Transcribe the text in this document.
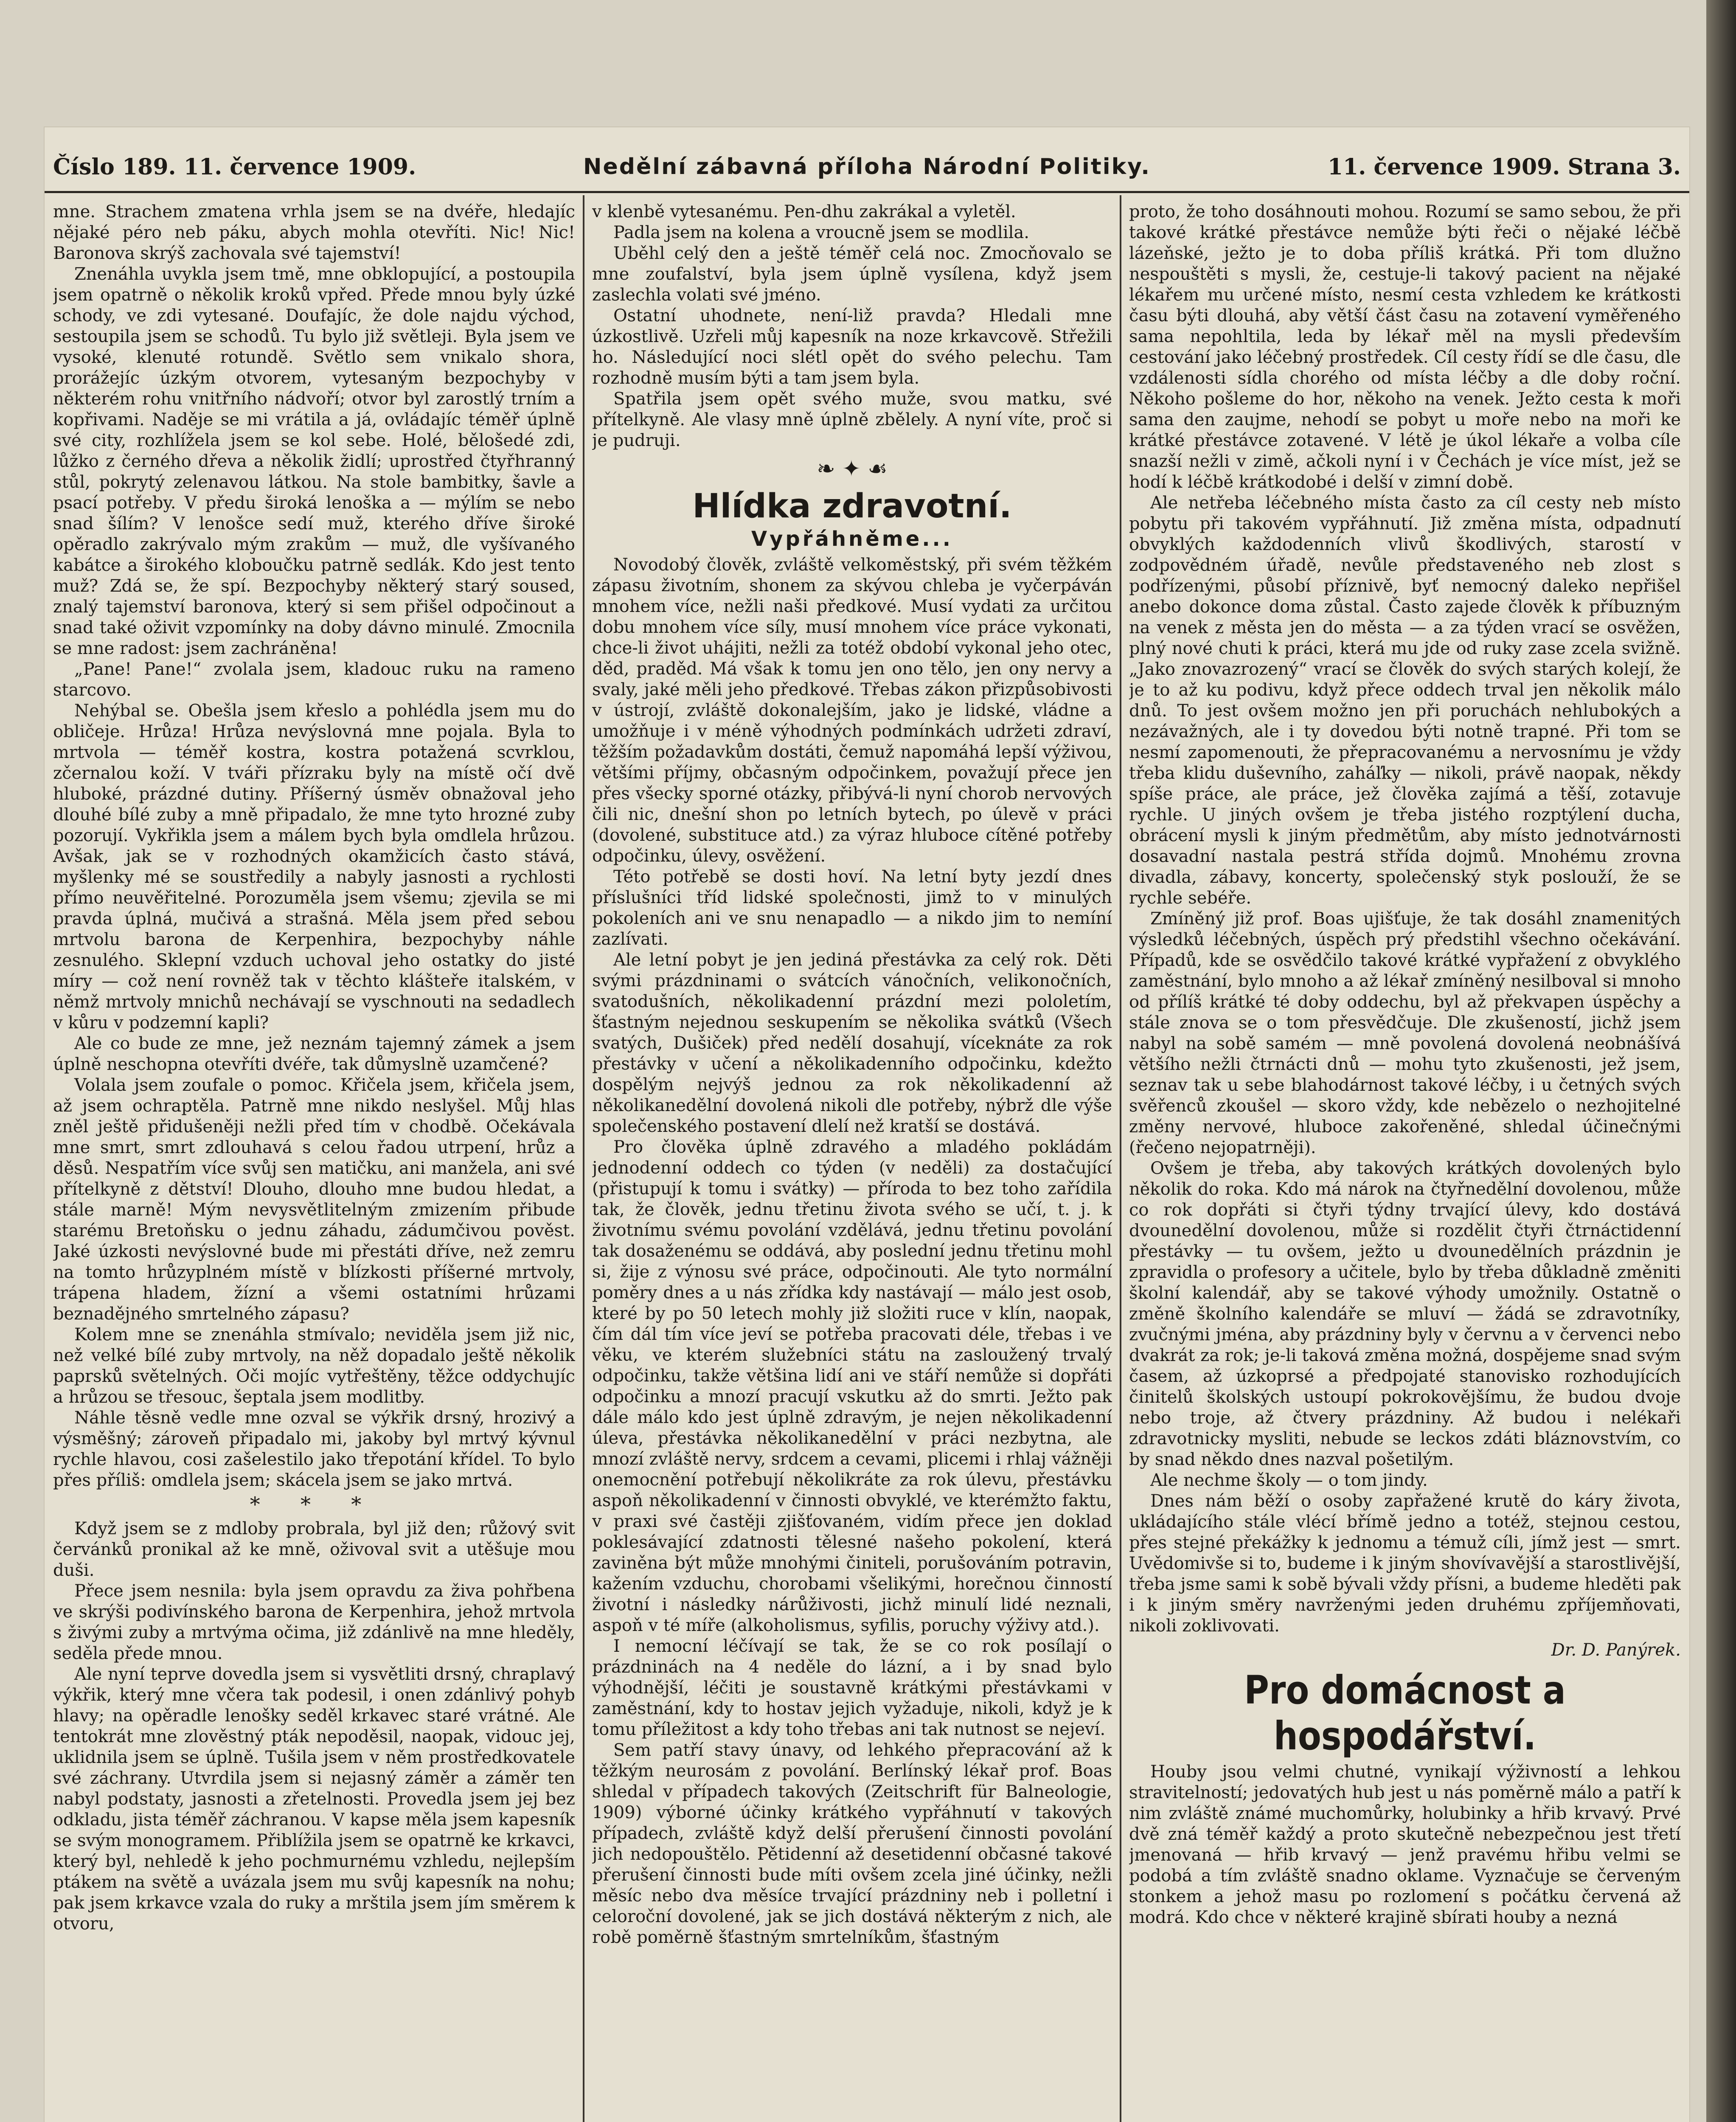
Číslo 189. 11. července 1909.	Nedělní zábavná příloha Národní Politiky.	11. července 1909. Strana 3.

mne. Strachem zmatena vrhla jsem se na dvéře, hledajíc nějaké péro neb páku, abych mohla otevříti. Nic! Nic! Baronova skrýš zachovala své tajemství!

Znenáhla uvykla jsem tmě, mne obklopující, a postoupila jsem opatrně o několik kroků vpřed. Přede mnou byly úzké schody, ve zdi vytesané. Doufajíc, že dole najdu východ, sestoupila jsem se schodů. Tu bylo již světleji. Byla jsem ve vysoké, klenuté rotundě. Světlo sem vnikalo shora, prorážejíc úzkým otvorem, vytesaným bezpochyby v některém rohu vnitřního nádvoří; otvor byl zarostlý trním a kopřivami. Naděje se mi vrátila a já, ovládajíc téměř úplně své city, rozhlížela jsem se kol sebe. Holé, bělošedé zdi, lůžko z černého dřeva a několik židlí; uprostřed čtyřhranný stůl, pokrytý zelenavou látkou. Na stole bambitky, šavle a psací potřeby. V předu široká lenoška a — mýlím se nebo snad šílím? V lenošce sedí muž, kterého dříve široké opěradlo zakrývalo mým zrakům — muž, dle vyšívaného kabátce a širokého kloboučku patrně sedlák. Kdo jest tento muž? Zdá se, že spí. Bezpochyby některý starý soused, znalý tajemství baronova, který si sem přišel odpočinout a snad také oživit vzpomínky na doby dávno minulé. Zmocnila se mne radost: jsem zachráněna!

„Pane! Pane!“ zvolala jsem, kladouc ruku na rameno starcovo.

Nehýbal se. Obešla jsem křeslo a pohlédla jsem mu do obličeje. Hrůza! Hrůza nevýslovná mne pojala. Byla to mrtvola — téměř kostra, kostra potažená scvrklou, zčernalou koží. V tváři přízraku byly na místě očí dvě hluboké, prázdné dutiny. Příšerný úsměv obnažoval jeho dlouhé bílé zuby a mně připadalo, že mne tyto hrozné zuby pozorují. Vykřikla jsem a málem bych byla omdlela hrůzou. Avšak, jak se v rozhodných okamžicích často stává, myšlenky mé se soustředily a nabyly jasnosti a rychlosti přímo neuvěřitelné. Porozuměla jsem všemu; zjevila se mi pravda úplná, mučivá a strašná. Měla jsem před sebou mrtvolu barona de Kerpenhira, bezpochyby náhle zesnulého. Sklepní vzduch uchoval jeho ostatky do jisté míry — což není rovněž tak v těchto klášteře italském, v němž mrtvoly mnichů nechávají se vyschnouti na sedadlech v kůru v podzemní kapli?

Ale co bude ze mne, jež neznám tajemný zámek a jsem úplně neschopna otevříti dvéře, tak důmyslně uzamčené?

Volala jsem zoufale o pomoc. Křičela jsem, křičela jsem, až jsem ochraptěla. Patrně mne nikdo neslyšel. Můj hlas zněl ještě přidušeněji nežli před tím v chodbě. Očekávala mne smrt, smrt zdlouhavá s celou řadou utrpení, hrůz a děsů. Nespatřím více svůj sen matičku, ani manžela, ani své přítelkyně z dětství! Dlouho, dlouho mne budou hledat, a stále marně! Mým nevysvětlitelným zmizením přibude starému Bretoňsku o jednu záhadu, zádumčivou pověst. Jaké úzkosti nevýslovné bude mi přestáti dříve, než zemru na tomto hrůzyplném místě v blízkosti příšerné mrtvoly, trápena hladem, žízní a všemi ostatními hrůzami beznadějného smrtelného zápasu?

Kolem mne se znenáhla stmívalo; neviděla jsem již nic, než velké bílé zuby mrtvoly, na něž dopadalo ještě několik paprsků světelných. Oči mojíc vytřeštěny, těžce oddychujíc a hrůzou se třesouc, šeptala jsem modlitby.

Náhle těsně vedle mne ozval se výkřik drsný, hrozivý a výsměšný; zároveň připadalo mi, jakoby byl mrtvý kývnul rychle hlavou, cosi zašelestilo jako třepotání křídel. To bylo přes příliš: omdlela jsem; skácela jsem se jako mrtvá.

* * *

Když jsem se z mdloby probrala, byl již den; růžový svit červánků pronikal až ke mně, oživoval svit a utěšuje mou duši.

Přece jsem nesnila: byla jsem opravdu za živa pohřbena ve skrýši podivínského barona de Kerpenhira, jehož mrtvola s živými zuby a mrtvýma očima, již zdánlivě na mne hleděly, seděla přede mnou.

Ale nyní teprve dovedla jsem si vysvětliti drsný, chraplavý výkřik, který mne včera tak podesil, i onen zdánlivý pohyb hlavy; na opěradle lenošky seděl krkavec staré vrátné. Ale tentokrát mne zlověstný pták nepoděsil, naopak, vidouc jej, uklidnila jsem se úplně. Tušila jsem v něm prostředkovatele své záchrany. Utvrdila jsem si nejasný záměr a záměr ten nabyl podstaty, jasnosti a zřetelnosti. Provedla jsem jej bez odkladu, jista téměř záchranou. V kapse měla jsem kapesník se svým monogramem. Přiblížila jsem se opatrně ke krkavci, který byl, nehledě k jeho pochmurnému vzhledu, nejlepším ptákem na světě a uvázala jsem mu svůj kapesník na nohu; pak jsem krkavce vzala do ruky a mrštila jsem jím směrem k otvoru,

v klenbě vytesanému. Pen-dhu zakrákal a vyletěl.

Padla jsem na kolena a vroucně jsem se modlila.

Uběhl celý den a ještě téměř celá noc. Zmocňovalo se mne zoufalství, byla jsem úplně vysílena, když jsem zaslechla volati své jméno.

Ostatní uhodnete, není-liž pravda? Hledali mne úzkostlivě. Uzřeli můj kapesník na noze krkavcově. Střežili ho. Následující noci slétl opět do svého pelechu. Tam rozhodně musím býti a tam jsem byla.

Spatřila jsem opět svého muže, svou matku, své přítelkyně. Ale vlasy mně úplně zbělely. A nyní víte, proč si je pudruji.

❧ ✦ ☙
Hlídka zdravotní.
Vypřáhněme...

Novodobý člověk, zvláště velkoměstský, při svém těžkém zápasu životním, shonem za skývou chleba je vyčerpáván mnohem více, nežli naši předkové. Musí vydati za určitou dobu mnohem více síly, musí mnohem více práce vykonati, chce-li život uhájiti, nežli za totéž období vykonal jeho otec, děd, praděd. Má však k tomu jen ono tělo, jen ony nervy a svaly, jaké měli jeho předkové. Třebas zákon přizpůsobivosti v ústrojí, zvláště dokonalejším, jako je lidské, vládne a umožňuje i v méně výhodných podmínkách udržeti zdraví, těžším požadavkům dostáti, čemuž napomáhá lepší výživou, většími příjmy, občasným odpočinkem, považují přece jen přes všecky sporné otázky, přibývá-li nyní chorob nervových čili nic, dnešní shon po letních bytech, po úlevě v práci (dovolené, substituce atd.) za výraz hluboce cítěné potřeby odpočinku, úlevy, osvěžení.

Této potřebě se dosti hoví. Na letní byty jezdí dnes příslušníci tříd lidské společnosti, jimž to v minulých pokoleních ani ve snu nenapadlo — a nikdo jim to nemíní zazlívati.

Ale letní pobyt je jen jediná přestávka za celý rok. Děti svými prázdninami o svátcích vánočních, velikonočních, svatodušních, několikadenní prázdní mezi pololetím, šťastným nejednou seskupením se několika svátků (Všech svatých, Dušiček) před nedělí dosahují, víceknáte za rok přestávky v učení a několikadenního odpočinku, kdežto dospělým nejvýš jednou za rok několikadenní až několikanedělní dovolená nikoli dle potřeby, nýbrž dle výše společenského postavení dlelí než kratší se dostává.

Pro člověka úplně zdravého a mladého pokládám jednodenní oddech co týden (v neděli) za dostačující (přistupují k tomu i svátky) — příroda to bez toho zařídila tak, že člověk, jednu třetinu života svého se učí, t. j. k životnímu svému povolání vzdělává, jednu třetinu povolání tak dosaženému se oddává, aby poslední jednu třetinu mohl si, žije z výnosu své práce, odpočinouti. Ale tyto normální poměry dnes a u nás zřídka kdy nastávají — málo jest osob, které by po 50 letech mohly již složiti ruce v klín, naopak, čím dál tím více jeví se potřeba pracovati déle, třebas i ve věku, ve kterém služebníci státu na zasloužený trvalý odpočinku, takže většina lidí ani ve stáří nemůže si dopřáti odpočinku a mnozí pracují vskutku až do smrti. Ježto pak dále málo kdo jest úplně zdravým, je nejen několikadenní úleva, přestávka několikanedělní v práci nezbytna, ale mnozí zvláště nervy, srdcem a cevami, plicemi i rhlaj vážněji onemocnění potřebují několikráte za rok úlevu, přestávku aspoň několikadenní v činnosti obvyklé, ve kterémžto faktu, v praxi své častěji zjišťovaném, vidím přece jen doklad poklesávající zdatnosti tělesné našeho pokolení, která zaviněna být může mnohými činiteli, porušováním potravin, kažením vzduchu, chorobami všelikými, horečnou činností životní i následky nárůživosti, jichž minulí lidé neznali, aspoň v té míře (alkoholismus, syfilis, poruchy výživy atd.).

I nemocní léčívají se tak, že se co rok posílají o prázdninách na 4 neděle do lázní, a i by snad bylo výhodnější, léčiti je soustavně krátkými přestávkami v zaměstnání, kdy to hostav jejich vyžaduje, nikoli, když je k tomu příležitost a kdy toho třebas ani tak nutnost se nejeví.

Sem patří stavy únavy, od lehkého přepracování až k těžkým neurosám z povolání. Berlínský lékař prof. Boas shledal v případech takových (Zeitschrift für Balneologie, 1909) výborné účinky krátkého vypřáhnutí v takových případech, zvláště když delší přerušení činnosti povolání jich nedopouštělo. Pětidenní až desetidenní občasné takové přerušení činnosti bude míti ovšem zcela jiné účinky, nežli měsíc nebo dva měsíce trvající prázdniny neb i polletní i celoroční dovolené, jak se jich dostává některým z nich, ale robě poměrně šťastným smrtelníkům, šťastným

proto, že toho dosáhnouti mohou. Rozumí se samo sebou, že při takové krátké přestávce nemůže býti řeči o nějaké léčbě lázeňské, ježto je to doba příliš krátká. Při tom dlužno nespouštěti s mysli, že, cestuje-li takový pacient na nějaké lékařem mu určené místo, nesmí cesta vzhledem ke krátkosti času býti dlouhá, aby větší část času na zotavení vyměřeného sama nepohltila, leda by lékař měl na mysli především cestování jako léčebný prostředek. Cíl cesty řídí se dle času, dle vzdálenosti sídla chorého od místa léčby a dle doby roční. Někoho pošleme do hor, někoho na venek. Ježto cesta k moři sama den zaujme, nehodí se pobyt u moře nebo na moři ke krátké přestávce zotavené. V létě je úkol lékaře a volba cíle snazší nežli v zimě, ačkoli nyní i v Čechách je více míst, jež se hodí k léčbě krátkodobé i delší v zimní době.

Ale netřeba léčebného místa často za cíl cesty neb místo pobytu při takovém vypřáhnutí. Již změna místa, odpadnutí obvyklých každodenních vlivů škodlivých, starostí v zodpovědném úřadě, nevůle představeného neb zlost s podřízenými, působí příznivě, byť nemocný daleko nepřišel anebo dokonce doma zůstal. Často zajede člověk k příbuzným na venek z města jen do města — a za týden vrací se osvěžen, plný nové chuti k práci, která mu jde od ruky zase zcela svižně. „Jako znovazrozený“ vrací se člověk do svých starých kolejí, že je to až ku podivu, když přece oddech trval jen několik málo dnů. To jest ovšem možno jen při poruchách nehlubokých a nezávažných, ale i ty dovedou býti notně trapné. Při tom se nesmí zapomenouti, že přepracovanému a nervosnímu je vždy třeba klidu duševního, zaháľky — nikoli, právě naopak, někdy spíše práce, ale práce, jež člověka zajímá a těší, zotavuje rychle. U jiných ovšem je třeba jistého rozptýlení ducha, obrácení mysli k jiným předmětům, aby místo jednotvárnosti dosavadní nastala pestrá střída dojmů. Mnohému zrovna divadla, zábavy, koncerty, společenský styk poslouží, že se rychle sebéře.

Zmíněný již prof. Boas ujišťuje, že tak dosáhl znamenitých výsledků léčebných, úspěch prý předstihl všechno očekávání. Případů, kde se osvědčilo takové krátké vypřažení z obvyklého zaměstnání, bylo mnoho a až lékař zmíněný nesilboval si mnoho od přílíš krátké té doby oddechu, byl až překvapen úspěchy a stále znova se o tom přesvědčuje. Dle zkušeností, jichž jsem nabyl na sobě samém — mně povolená dovolená neobnášívá většího nežli čtrnácti dnů — mohu tyto zkušenosti, jež jsem, seznav tak u sebe blahodárnost takové léčby, i u četných svých svěřenců zkoušel — skoro vždy, kde nebězelo o nezhojitelné změny nervové, hluboce zakořeněné, shledal účinečnými (řečeno nejopatrněji).

Ovšem je třeba, aby takových krátkých dovolených bylo několik do roka. Kdo má nárok na čtyřnedělní dovolenou, může co rok dopřáti si čtyři týdny trvající úlevy, kdo dostává dvounedělní dovolenou, může si rozdělit čtyři čtrnáctidenní přestávky — tu ovšem, ježto u dvounedělních prázdnin je zpravidla o profesory a učitele, bylo by třeba důkladně změniti školní kalendář, aby se takové výhody umožnily. Ostatně o změně školního kalendáře se mluví — žádá se zdravotníky, zvučnými jména, aby prázdniny byly v červnu a v červenci nebo dvakrát za rok; je-li taková změna možná, dospějeme snad svým časem, až úzkoprsé a předpojaté stanovisko rozhodujících činitelů školských ustoupí pokrokovějšímu, že budou dvoje nebo troje, až čtvery prázdniny. Až budou i nelékaři zdravotnicky mysliti, nebude se leckos zdáti bláznovstvím, co by snad někdo dnes nazval pošetilým.

Ale nechme školy — o tom jindy.

Dnes nám běží o osoby zapřažené krutě do káry života, ukládajícího stále vlécí břímě jedno a totéž, stejnou cestou, přes stejné překážky k jednomu a témuž cíli, jímž jest — smrt. Uvědomivše si to, budeme i k jiným shovívavější a starostlivější, třeba jsme sami k sobě bývali vždy přísni, a budeme hleděti pak i k jiným směry navrženými jeden druhému zpříjemňovati, nikoli zoklivovati.

Dr. D. Panýrek.
Pro domácnost a hospodářství.

Houby jsou velmi chutné, vynikají výživností a lehkou stravitelností; jedovatých hub jest u nás poměrně málo a patří k nim zvláště známé muchomůrky, holubinky a hřib krvavý. Prvé dvě zná téměř každý a proto skutečně nebezpečnou jest třetí jmenovaná — hřib krvavý — jenž pravému hřibu velmi se podobá a tím zvláště snadno oklame. Vyznačuje se červeným stonkem a jehož masu po rozlomení s počátku červená až modrá. Kdo chce v některé krajině sbírati houby a nezná
